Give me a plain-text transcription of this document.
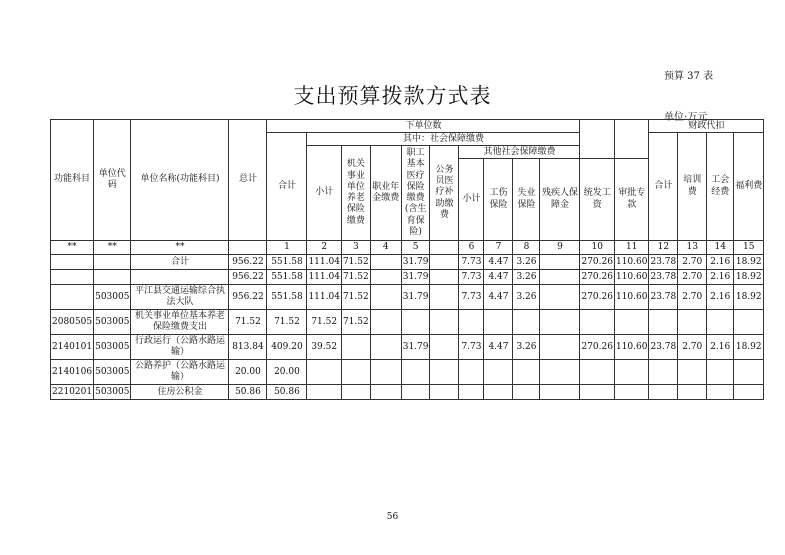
预算 37 表
支出预算拨款方式表
单位:万元
功能科目	单位代码	单位名称(功能科目)	总计	下单位数												财政代扣			
				合计	其中：社会保障缴费											合计	培训费	工会经费	福利费
					小计	机关事业单位养老保险缴费	职业年金缴费	职工基本医疗保险缴费(含生育保险)	公务员医疗补助缴费	其他社会保障缴费									
										小计	工伤保险	失业保险	残疾人保障金	统发工资	审批专款				
**	**	**		1	2	3	4	5		6	7	8	9	10	11	12	13	14	15
		合计	956.22	551.58	111.04	71.52		31.79		7.73	4.47	3.26		270.26	110.60	23.78	2.70	2.16	18.92
			956.22	551.58	111.04	71.52		31.79		7.73	4.47	3.26		270.26	110.60	23.78	2.70	2.16	18.92
	503005	平江县交通运输综合执法大队	956.22	551.58	111.04	71.52		31.79		7.73	4.47	3.26		270.26	110.60	23.78	2.70	2.16	18.92
2080505	503005	机关事业单位基本养老保险缴费支出	71.52	71.52	71.52	71.52													
2140101	503005	行政运行（公路水路运输）	813.84	409.20	39.52			31.79		7.73	4.47	3.26		270.26	110.60	23.78	2.70	2.16	18.92
2140106	503005	公路养护（公路水路运输）	20.00	20.00															
2210201	503005	住房公积金	50.86	50.86															
56
